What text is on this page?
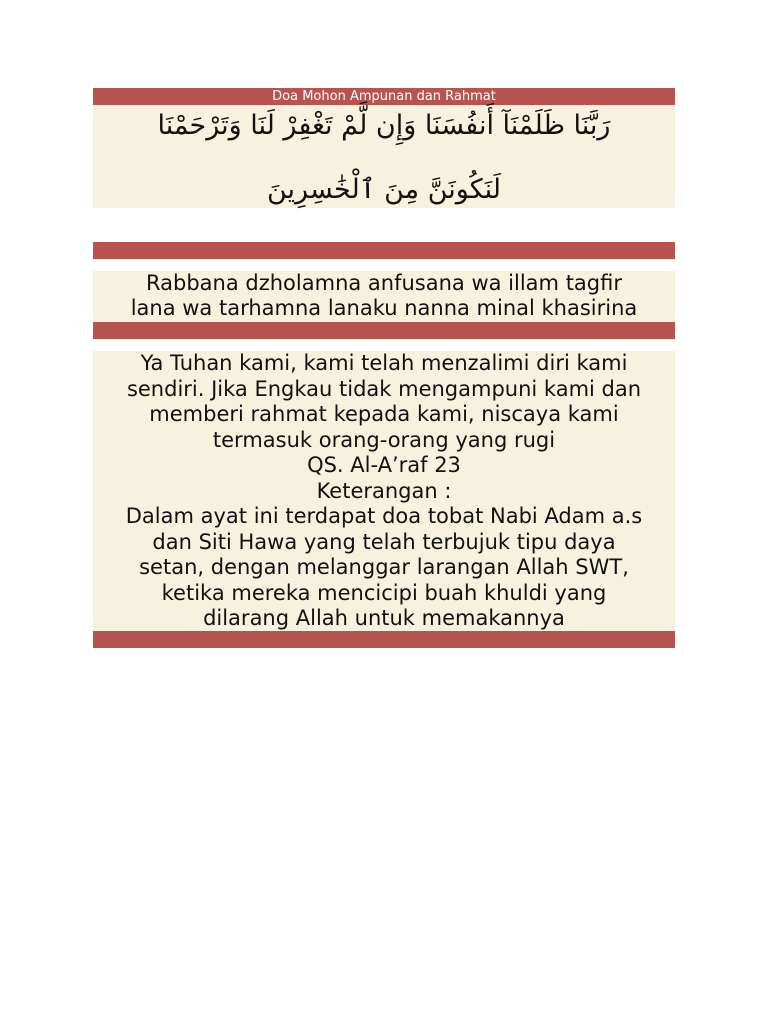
Doa Mohon Ampunan dan Rahmat
رَبَّنَا ظَلَمْنَآ أَنفُسَنَا وَإِن لَّمْ تَغْفِرْ لَنَا وَتَرْحَمْنَا
لَنَكُونَنَّ مِنَ ٱلْخَٰسِرِينَ
Rabbana dzholamna anfusana wa illam tagfir
lana wa tarhamna lanaku nanna minal khasirina
Ya Tuhan kami, kami telah menzalimi diri kami
sendiri. Jika Engkau tidak mengampuni kami dan
memberi rahmat kepada kami, niscaya kami
termasuk orang-orang yang rugi
QS. Al-A’raf 23
Keterangan :
Dalam ayat ini terdapat doa tobat Nabi Adam a.s
dan Siti Hawa yang telah terbujuk tipu daya
setan, dengan melanggar larangan Allah SWT,
ketika mereka mencicipi buah khuldi yang
dilarang Allah untuk memakannya
